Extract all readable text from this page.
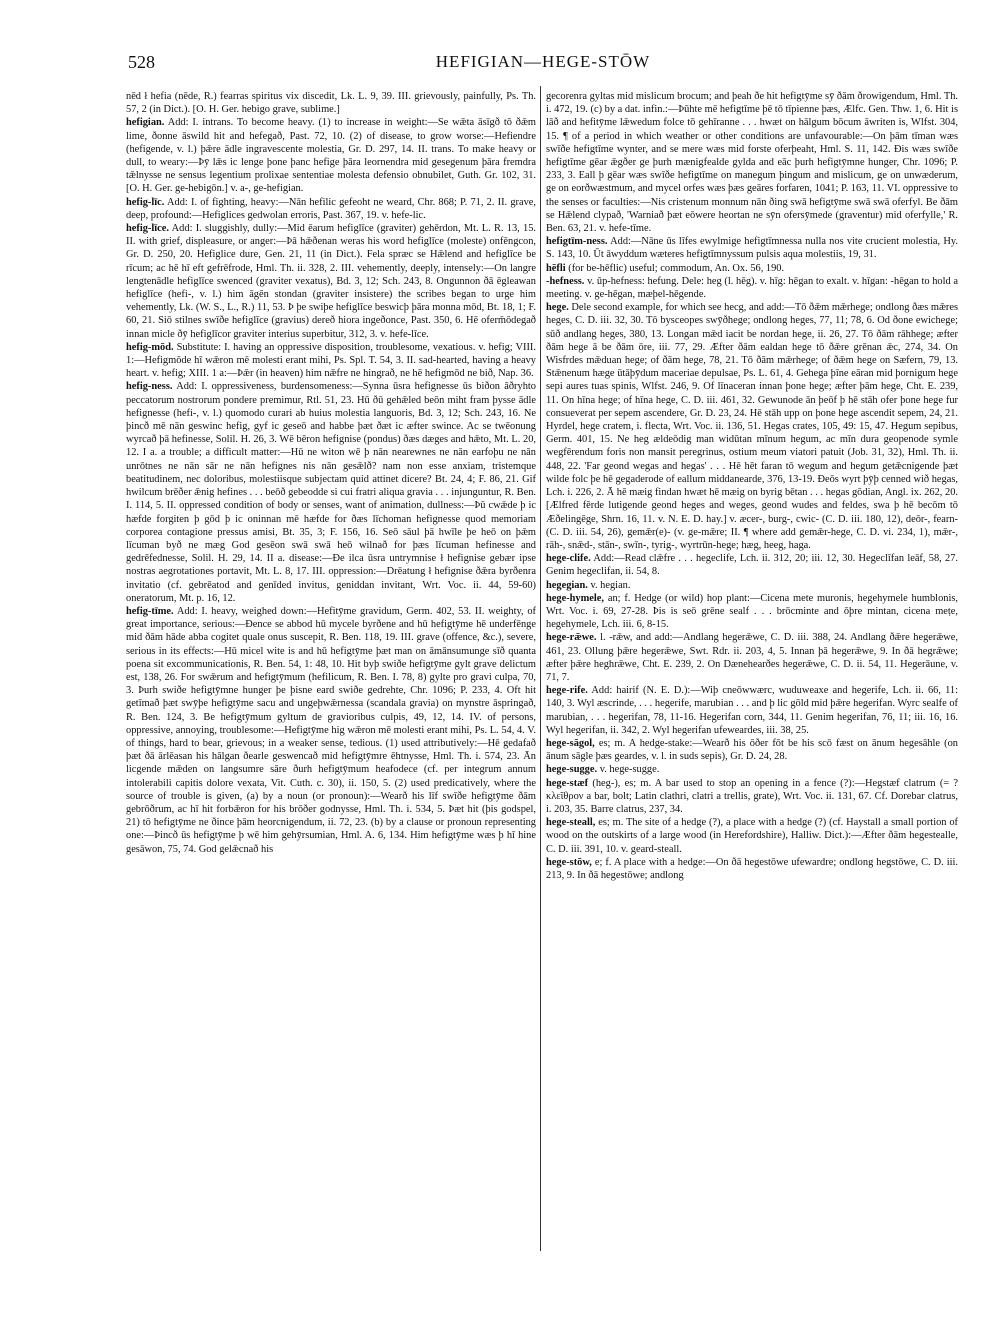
528	HEFIGIAN—HEGE-STŌW

nēd ł hefia (nēde, R.) fearras spiritus vix discedit, Lk. L. 9, 39. III. grievously, painfully, Ps. Th. 57, 2 (in Dict.). [O. H. Ger. hebigo grave, sublime.]

hefigian. Add: I. intrans. To become heavy. (1) to increase in weight:—Se wǣta āsīgð tō ðǣm lime, ðonne āswild hit and hefegað, Past. 72, 10. (2) of disease, to grow worse:—Hefiendre (hefigende, v. l.) þǣre ādle ingravescente molestia, Gr. D. 297, 14. II. trans. To make heavy or dull, to weary:—Þȳ lǣs ic lenge þone þanc hefige þāra leornendra mid gesegenum þāra fremdra tǣlnysse ne sensus legentium prolixae sententiae molesta defensio obnubilet, Guth. Gr. 102, 31. [O. H. Ger. ge-hebigōn.] v. a-, ge-hefigian.

hefig-līc. Add: I. of fighting, heavy:—Nān hefilic gefeoht ne weard, Chr. 868; P. 71, 2. II. grave, deep, profound:—Hefiglices gedwolan erroris, Past. 367, 19. v. hefe-lic.

hefig-līce. Add: I. sluggishly, dully:—Mid ēarum hefiglīce (graviter) gehērdon, Mt. L. R. 13, 15. II. with grief, displeasure, or anger:—Þā hǣðenan weras his word hefiglīce (moleste) onfēngcon, Gr. D. 250, 20. Hefiglice dure, Gen. 21, 11 (in Dict.). Fela spræc se Hǣlend and hefiglīce be rīcum; ac hē hī eft gefrēfrode, Hml. Th. ii. 328, 2. III. vehemently, deeply, intensely:—On langre lengtenādle hefiglīce swenced (graviter vexatus), Bd. 3, 12; Sch. 243, 8. Ongunnon ðā ēgleawan hefiglīce (hefi-, v. l.) him āgēn stondan (graviter insistere) the scribes began to urge him vehemently, Lk. (W. S., L., R.) 11, 53. Þ þe swiþe hefiglīce beswicþ þāra monna mōd, Bt. 18, 1; F. 60, 21. Siō stilnes swīðe hefiglīce (gravius) dereð hiora ingeðonce, Past. 350, 6. Hē oferm̄ōdegað innan micle ðȳ hefiglīcor graviter interius superbitur, 312, 3. v. hefe-līce.

hefig-mōd. Substitute: I. having an oppressive disposition, troublesome, vexatious. v. hefig; VIII. 1:—Hefigmōde hī wǣron mē molesti erant mihi, Ps. Spl. T. 54, 3. II. sad-hearted, having a heavy heart. v. hefig; XIII. 1 a:—Þǣr (in heaven) him nǣfre ne hingrað, ne hē hefigmōd ne bið, Nap. 36.

hefig-ness. Add: I. oppressiveness, burdensomeness:—Synna ūsra hefignesse ūs biðon āðryhto peccatorum nostrorum pondere premimur, Rtl. 51, 23. Hū ðū gehǣled beōn miht fram þysse ādle hefignesse (hefi-, v. l.) quomodo curari ab huius molestia languoris, Bd. 3, 12; Sch. 243, 16. Ne þincð mē nān geswinc hefig, gyf ic geseō and habbe þæt ðæt ic æfter swince. Ac se twēonung wyrcað þā hefinesse, Solil. H. 26, 3. Wē bēron hefignise (pondus) ðæs dæges and hǣto, Mt. L. 20, 12. I a. a trouble; a difficult matter:—Hū ne witon wē þ nān nearewnes ne nān earfoþu ne nān unrōtnes ne nān sār ne nān hefignes nis nān gesǣlð? nam non esse anxiam, tristemque beatitudinem, nec doloribus, molestiisque subjectam quid attinet dicere? Bt. 24, 4; F. 86, 21. Gif hwilcum brēðer ǣnig hefines . . . beōð gebeodde si cui fratri aliqua gravia . . . injunguntur, R. Ben. I. 114, 5. II. oppressed condition of body or senses, want of animation, dullness:—Þū cwǣde þ ic hæfde forgiten þ gōd þ ic oninnan mē hæfde for ðæs līchoman hefignesse quod memoriam corporea contagione pressus amisi, Bt. 35, 3; F. 156, 16. Seō sāul þā hwīle þe heō on þǣm līcuman byð ne mæg God gesēon swā swā heō wilnað for þæs līcuman hefinesse and gedrēfednesse, Solil. H. 29, 14. II a. disease:—Ðe ilca ūsra untrymnise ł hefignise gebær ipse nostras aegrotationes portavit, Mt. L. 8, 17. III. oppression:—Drēatung ł hefignise ðǣra byrðenra invitatio (cf. gebrēatod and genīded invitus, geniddan invitant, Wrt. Voc. ii. 44, 59-60) oneratorum, Mt. p. 16, 12.

hefig-tīme. Add: I. heavy, weighed down:—Hefitȳme gravidum, Germ. 402, 53. II. weighty, of great importance, serious:—Ðence se abbod hū mycele byrðene and hū hefigtȳme hē underfēnge mid ðām hāde abba cogitet quale onus suscepit, R. Ben. 118, 19. III. grave (offence, &c.), severe, serious in its effects:—Hū micel wite is and hū hefigtȳme þæt man on āmānsumunge sīð quanta poena sit excommunicationis, R. Ben. 54, 1: 48, 10. Hit byþ swiðe hefigtȳme gylt grave delictum est, 138, 26. For swǣrum and hefigtȳmum (hefilicum, R. Ben. I. 78, 8) gylte pro gravi culpa, 70, 3. Þurh swiðe hefigtȳmne hunger þe þisne eard swiðe gedrehte, Chr. 1096; P. 233, 4. Oft hit getīmað þæt swȳþe hefigtȳme sacu and ungeþwǣrnessa (scandala gravia) on mynstre āspringað, R. Ben. 124, 3. Be hefigtȳmum gyltum de gravioribus culpis, 49, 12, 14. IV. of persons, oppressive, annoying, troublesome:—Hefigtȳme hig wǣron mē molesti erant mihi, Ps. L. 54, 4. V. of things, hard to bear, grievous; in a weaker sense, tedious. (1) used attributively:—Hē gedafað þæt ðā ārlēasan his hālgan ðearle geswencað mid hefigtȳmre ēhtnysse, Hml. Th. i. 574, 23. Ān licgende mǣden on langsumre sāre ðurh hefigtȳmum heafodece (cf. per integrum annum intolerabili capitis dolore vexata, Vit. Cuth. c. 30), ii. 150, 5. (2) used predicatively, where the source of trouble is given, (a) by a noun (or pronoun):—Wearð his līf swīðe hefigtȳme ðām gebrōðrum, ac hī hit forbǣron for his brōðer godnysse, Hml. Th. i. 534, 5. Þæt hit (þis godspel, 21) tō hefigtȳme ne ðince þām heorcnigendum, ii. 72, 23. (b) by a clause or pronoun representing one:—Þincð ūs hefigtȳme þ wē him gehȳrsumian, Hml. A. 6, 134. Him hefigtȳme wæs þ hī hine gesāwon, 75, 74. God gelǣcnað his

gecorenra gyltas mid mislicum brocum; and þeah ðe hit hefigtȳme sȳ ðām ðrowigendum, Hml. Th. i. 472, 19. (c) by a dat. infin.:—Þūhte mē hefigtīme þē tō tīpienne þæs, Ælfc. Gen. Thw. 1, 6. Hit is lāð and hefitȳme lǣwedum folce tō gehīranne . . . hwæt on hālgum bōcum āwriten is, Wlfst. 304, 15. ¶ of a period in which weather or other conditions are unfavourable:—On þām tīman wæs swīðe hefigtīme wynter, and se mere wæs mid forste oferþeaht, Hml. S. 11, 142. Ðis wæs swīðe hefigtīme gēar ǣgðer ge þurh mænigfealde gylda and eāc þurh hefigtȳmne hunger, Chr. 1096; P. 233, 3. Eall þ gēar wæs swīðe hefigtīme on manegum þingum and mislicum, ge on unwæderum, ge on eorðwæstmum, and mycel orfes wæs þæs geāres forfaren, 1041; P. 163, 11. VI. oppressive to the senses or faculties:—Nis cristenum monnum nān ðing swā hefigtȳme swā swā oferfyl. Be ðām se Hǣlend clypað, 'Warniað þæt eōwere heortan ne sȳn ofersȳmede (graventur) mid oferfylle,' R. Ben. 63, 21. v. hefe-tīme.

hefigtīm-ness. Add:—Nāne ūs līfes ewylmige hefigtīmnessa nulla nos vite crucient molestia, Hy. S. 143, 10. Ūt āwyddum wæteres hefigtīmnyssum pulsis aqua molestiis, 19, 31.

hēfli (for be-hēflic) useful; commodum, An. Ox. 56, 190.

-hefness. v. ūp-hefness: hefung. Dele: heg (l. hēg). v. hīg: hēgan to exalt. v. hīgan: -hēgan to hold a meeting. v. ge-hēgan, mæþel-hēgende.

hege. Dele second example, for which see hecg, and add:—Tō ðǣm mǣrhege; ondlong ðæs mǣres heges, C. D. iii. 32, 30. Tō bysceopes swȳðhege; ondlong heges, 77, 11; 78, 6. Od ðone ewichege; sūð andlang heges, 380, 13. Longan mǣd iacit be nordan hege, ii. 26, 27. Tō ðām rāhhege; æfter ðām hege ā be ðām ōre, iii. 77, 29. Æfter ðām ealdan hege tō ðǣre grēnan ǣc, 274, 34. On Wisfrdes mǣduan hege; of ðām hege, 78, 21. Tō ðām mǣrhege; of ðǣm hege on Sæfern, 79, 13. Stǣnenum hæge ūtāþȳdum maceriae depulsae, Ps. L. 61, 4. Gehega þīne eāran mid þornigum hege sepi aures tuas spinis, Wlfst. 246, 9. Of līnaceran innan þone hege; æfter þām hege, Cht. E. 239, 11. On hīna hege; of hīna hege, C. D. iii. 461, 32. Gewunode ān þeōf þ hē stāh ofer þone hege fur consueverat per sepem ascendere, Gr. D. 23, 24. Hē stāh upp on þone hege ascendit sepem, 24, 21. Hyrdel, hege cratem, i. flecta, Wrt. Voc. ii. 136, 51. Hegas crates, 105, 49: 15, 47. Hegum sepibus, Germ. 401, 15. Ne heg ældeōdig man widūtan mīnum hegum, ac mīn dura geopenode symle wegfērendum foris non mansit peregrinus, ostium meum viatori patuit (Job. 31, 32), Hml. Th. ii. 448, 22. 'Far geond wegas and hegas' . . . Hē hēt faran tō wegum and hegum getǣcnigende þæt wilde folc þe hē gegaderode of eallum middanearde, 376, 13-19. Ðeōs wyrt þȳþ cenned wið hegas, Lch. i. 226, 2. Ā hē mæig findan hwæt hē mæig on byrig bētan . . . hegas gōdian, Angl. ix. 262, 20. [Ælfred fērde lutigende geond heges and weges, geond wudes and feldes, swa þ hē becōm tō Æðelingēge, Shrn. 16, 11. v. N. E. D. hay.] v. æcer-, burg-, cwic- (C. D. iii. 180, 12), deōr-, fearn- (C. D. iii. 54, 26), gemǣr(e)- (v. ge-mǣre; II. ¶ where add gemǣr-hege, C. D. vi. 234, 1), mǣr-, rāh-, snǣd-, stān-, swīn-, tyrig-, wyrtrūn-hege; hæg, heeg, haga.

hege-clife. Add:—Read clǣfre . . . hegeclife, Lch. ii. 312, 20; iii. 12, 30. Hegeclīfan leāf, 58, 27. Genim hegeclifan, ii. 54, 8.

hegegian. v. hegian.

hege-hymele, an; f. Hedge (or wild) hop plant:—Cicena mete muronis, hegehymele humblonis, Wrt. Voc. i. 69, 27-28. Þis is seō grēne sealf . . . brōcminte and ōþre mintan, cicena meṭe, hegehymele, Lch. iii. 6, 8-15.

hege-rǣwe. l. -rǣw, and add:—Andlang hegerǣwe, C. D. iii. 388, 24. Andlang ðǣre hegerǣwe, 461, 23. Ollung þǣre hegerǣwe, Swt. Rdr. ii. 203, 4, 5. Innan þā hegerǣwe, 9. In ðā hegrǣwe; æfter þǣre heghrǣwe, Cht. E. 239, 2. On Dænehearðes hegerǣwe, C. D. ii. 54, 11. Hegerāune, v. 71, 7.

hege-rife. Add: hairif (N. E. D.):—Wiþ cneōwwærc, wuduweaxe and hegerife, Lch. ii. 66, 11: 140, 3. Wyl æscrinde, . . . hegerife, marubian . . . and þ lic gōld mid þǣre hegerifan. Wyrc sealfe of marubian, . . . hegerifan, 78, 11-16. Hegerifan corn, 344, 11. Genim hegerifan, 76, 11; iii. 16, 16. Wyl hegerifan, ii. 342, 2. Wyl hegerifan ufeweardes, iii. 38, 25.

hege-sāgol, es; m. A hedge-stake:—Wearð his ōðer fōt be his scō fæst on ānum hegesāhle (on ānum sāgle þæs geardes, v. l. in suds sepis), Gr. D. 24, 28.

hege-sugge. v. hege-sugge.

hege-stæf (heg-), es; m. A bar used to stop an opening in a fence (?):—Hegstæf clatrum (= ? κλεῖθρον a bar, bolt; Latin clathri, clatri a trellis, grate), Wrt. Voc. ii. 131, 67. Cf. Dorebar clatrus, i. 203, 35. Barre clatrus, 237, 34.

hege-steall, es; m. The site of a hedge (?), a place with a hedge (?) (cf. Haystall a small portion of wood on the outskirts of a large wood (in Herefordshire), Halliw. Dict.):—Æfter ðām hegestealle, C. D. iii. 391, 10. v. geard-steall.

hege-stōw, e; f. A place with a hedge:—On ðā hegestōwe ufewardre; ondlong hegstōwe, C. D. iii. 213, 9. In ðā hegestōwe; andlong
